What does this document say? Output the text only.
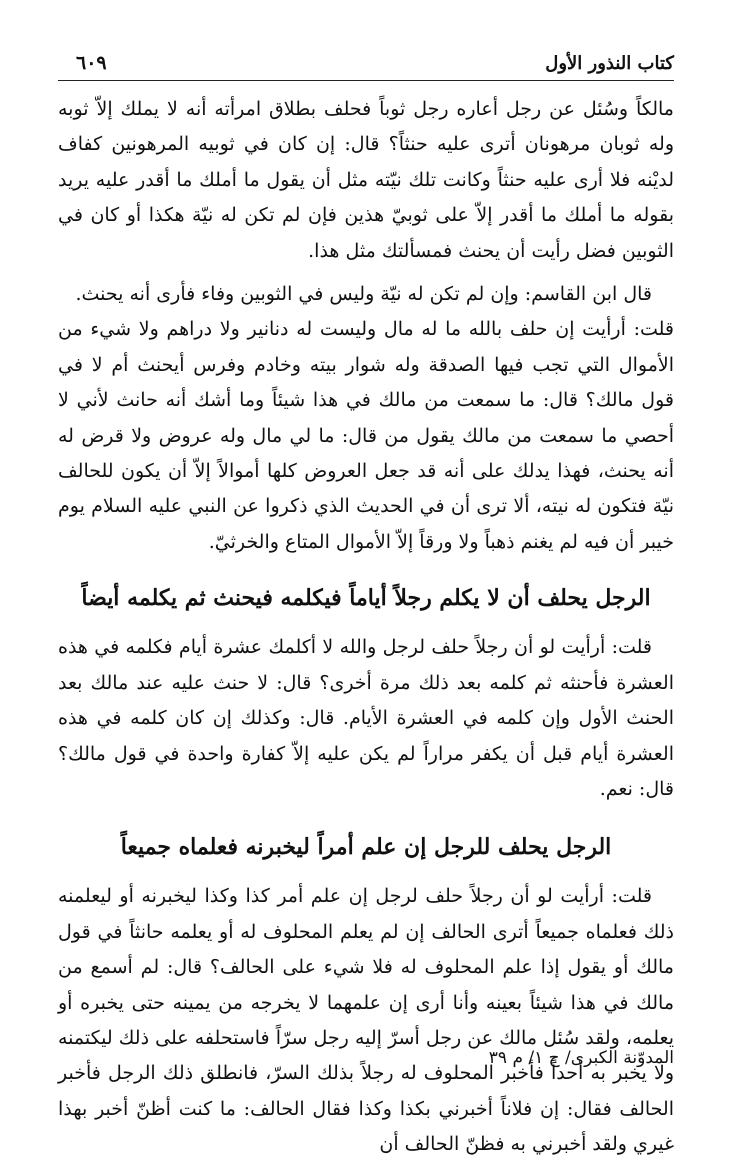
كتاب النذور الأول
٦٠٩

مالكاً وسُئل عن رجل أعاره رجل ثوباً فحلف بطلاق امرأته أنه لا يملك إلاّ ثوبه وله ثوبان مرهونان أترى عليه حنثاً؟ قال: إن كان في ثوبيه المرهونين كفاف لديْنه فلا أرى عليه حنثاً وكانت تلك نيّته مثل أن يقول ما أملك ما أقدر عليه يريد بقوله ما أملك ما أقدر إلاّ على ثوبيّ هذين فإن لم تكن له نيّة هكذا أو كان في الثوبين فضل رأيت أن يحنث فمسألتك مثل هذا.

قال ابن القاسم: وإن لم تكن له نيّة وليس في الثوبين وفاء فأرى أنه يحنث.

قلت: أرأيت إن حلف بالله ما له مال وليست له دنانير ولا دراهم ولا شيء من الأموال التي تجب فيها الصدقة وله شوار بيته وخادم وفرس أيحنث أم لا في قول مالك؟ قال: ما سمعت من مالك في هذا شيئاً وما أشك أنه حانث لأني لا أحصي ما سمعت من مالك يقول من قال: ما لي مال وله عروض ولا قرض له أنه يحنث، فهذا يدلك على أنه قد جعل العروض كلها أموالاً إلاّ أن يكون للحالف نيّة فتكون له نيته، ألا ترى أن في الحديث الذي ذكروا عن النبي عليه السلام يوم خيبر أن فيه لم يغنم ذهباً ولا ورقاً إلاّ الأموال المتاع والخرثيّ.

الرجل يحلف أن لا يكلم رجلاً أياماً فيكلمه فيحنث ثم يكلمه أيضاً

قلت: أرأيت لو أن رجلاً حلف لرجل والله لا أكلمك عشرة أيام فكلمه في هذه العشرة فأحنثه ثم كلمه بعد ذلك مرة أخرى؟ قال: لا حنث عليه عند مالك بعد الحنث الأول وإن كلمه في العشرة الأيام. قال: وكذلك إن كان كلمه في هذه العشرة أيام قبل أن يكفر مراراً لم يكن عليه إلاّ كفارة واحدة في قول مالك؟ قال: نعم.

الرجل يحلف للرجل إن علم أمراً ليخبرنه فعلماه جميعاً

قلت: أرأيت لو أن رجلاً حلف لرجل إن علم أمر كذا وكذا ليخبرنه أو ليعلمنه ذلك فعلماه جميعاً أترى الحالف إن لم يعلم المحلوف له أو يعلمه حانثاً في قول مالك أو يقول إذا علم المحلوف له فلا شيء على الحالف؟ قال: لم أسمع من مالك في هذا شيئاً بعينه وأنا أرى إن علمهما لا يخرجه من يمينه حتى يخبره أو يعلمه، ولقد سُئل مالك عن رجل أسرّ إليه رجل سرّاً فاستحلفه على ذلك ليكتمنه ولا يخبر به أحداً فأخبر المحلوف له رجلاً بذلك السرّ، فانطلق ذلك الرجل فأخبر الحالف فقال: إن فلاناً أخبرني بكذا وكذا فقال الحالف: ما كنت أظنّ أخبر بهذا غيري ولقد أخبرني به فظنّ الحالف أن

المدوّنة الكبرى/ ج ١/ م ٣٩
